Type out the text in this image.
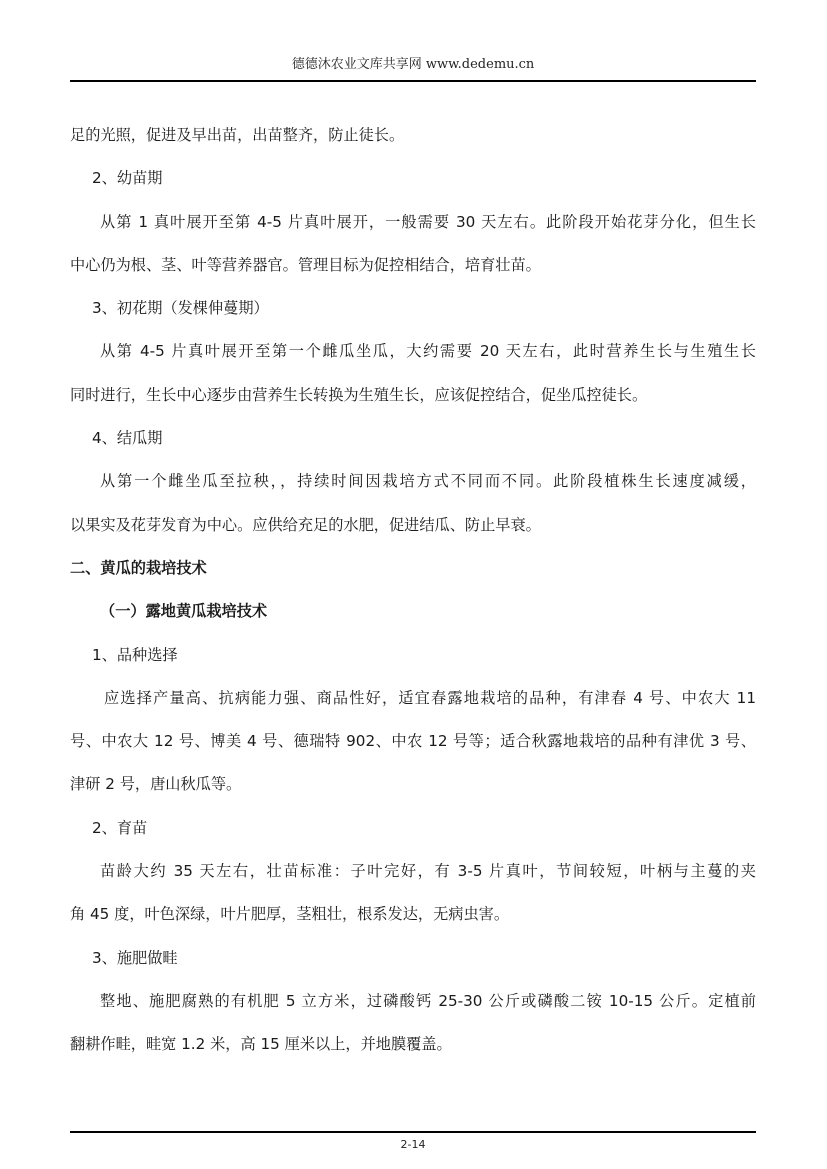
德德沐农业文库共享网 www.dedemu.cn
足的光照，促进及早出苗，出苗整齐，防止徒长。
2、幼苗期
从第 1 真叶展开至第 4-5 片真叶展开，一般需要 30 天左右。此阶段开始花芽分化，但生长
中心仍为根、茎、叶等营养器官。管理目标为促控相结合，培育壮苗。
3、初花期（发棵伸蔓期）
从第 4-5 片真叶展开至第一个雌瓜坐瓜，大约需要 20 天左右，此时营养生长与生殖生长
同时进行，生长中心逐步由营养生长转换为生殖生长，应该促控结合，促坐瓜控徒长。
4、结瓜期
从第一个雌坐瓜至拉秧，，持续时间因栽培方式不同而不同。此阶段植株生长速度减缓，
以果实及花芽发育为中心。应供给充足的水肥，促进结瓜、防止早衰。
二、黄瓜的栽培技术
（一）露地黄瓜栽培技术
1、品种选择
应选择产量高、抗病能力强、商品性好，适宜春露地栽培的品种，有津春 4 号、中农大 11
号、中农大 12 号、博美 4 号、德瑞特 902、中农 12 号等；适合秋露地栽培的品种有津优 3 号、
津研 2 号，唐山秋瓜等。
2、育苗
苗龄大约 35 天左右，壮苗标准：子叶完好，有 3-5 片真叶，节间较短，叶柄与主蔓的夹
角 45 度，叶色深绿，叶片肥厚，茎粗壮，根系发达，无病虫害。
3、施肥做畦
整地、施肥腐熟的有机肥 5 立方米，过磷酸钙 25-30 公斤或磷酸二铵 10-15 公斤。定植前
翻耕作畦，畦宽 1.2 米，高 15 厘米以上，并地膜覆盖。
2-14
